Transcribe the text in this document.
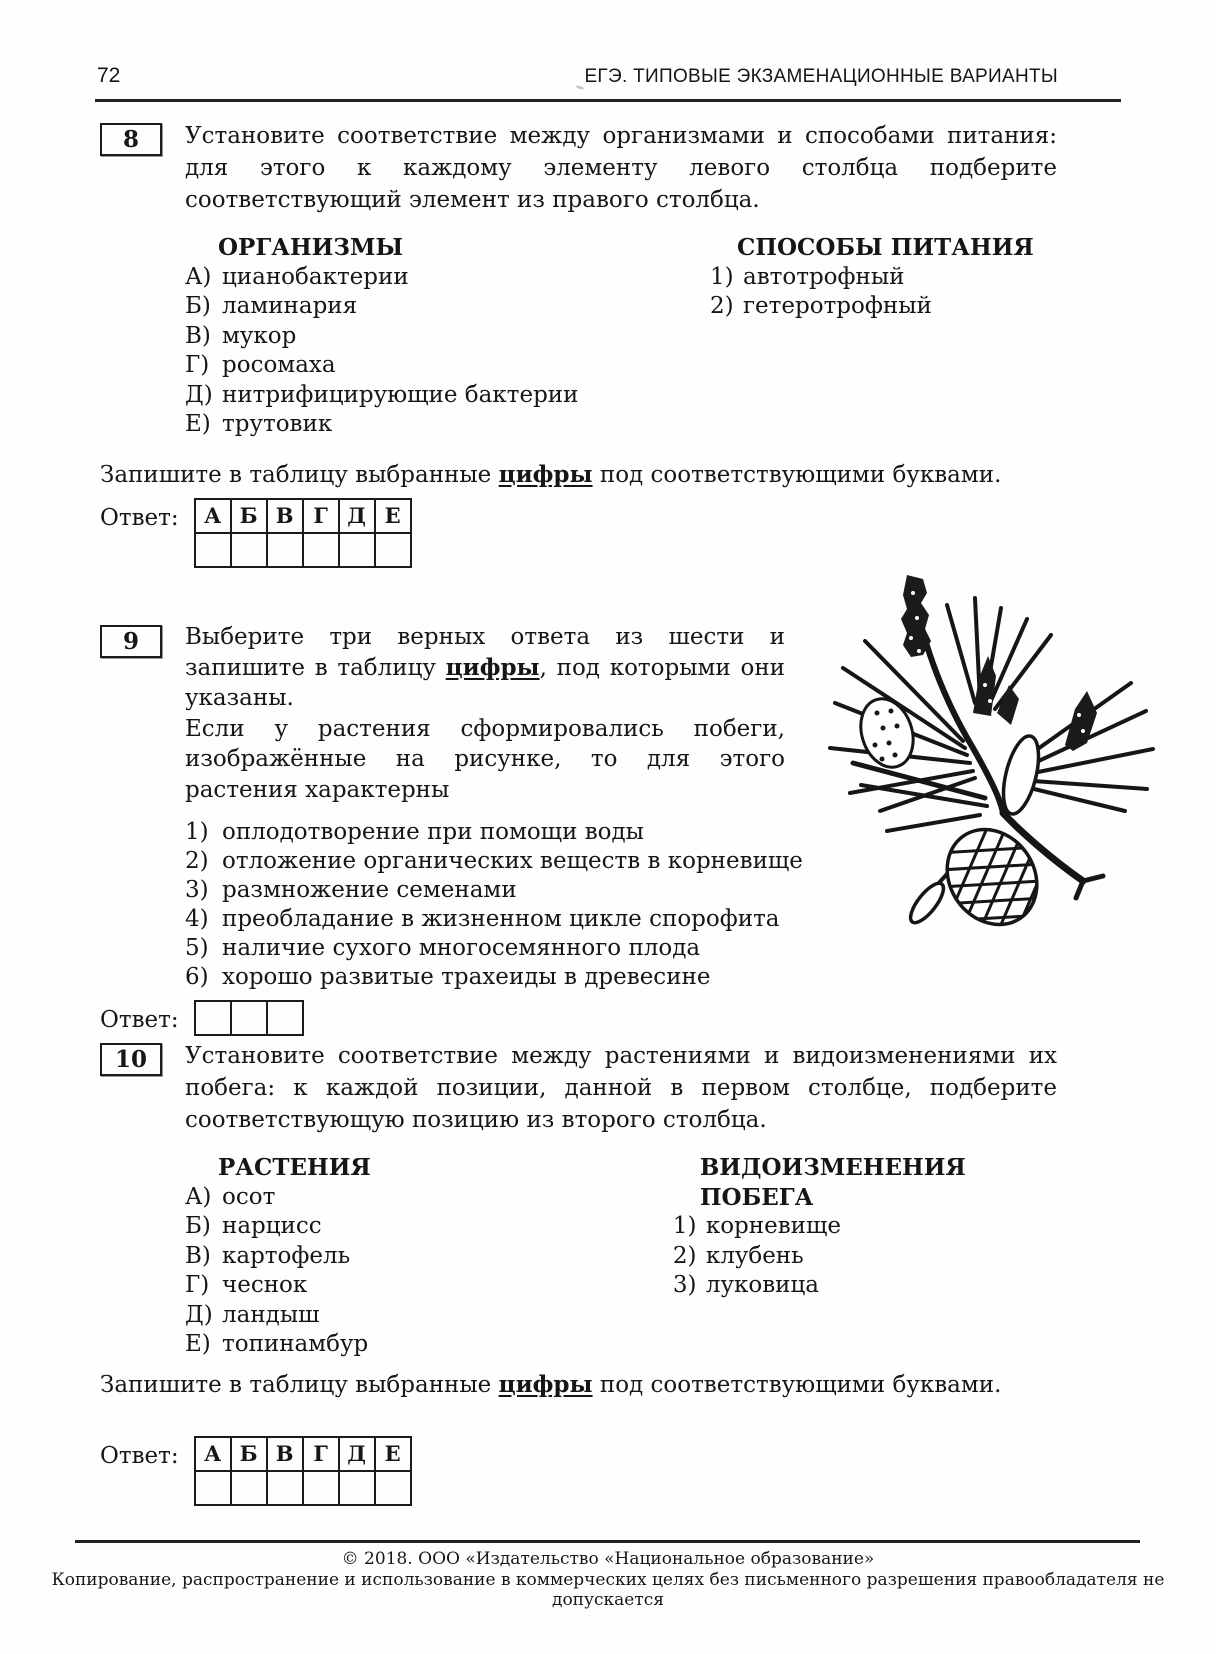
72	ЕГЭ. ТИПОВЫЕ ЭКЗАМЕНАЦИОННЫЕ ВАРИАНТЫ
8	Установите соответствие между организмами и способами питания: для этого к каждому элементу левого столбца подберите соответствующий элемент из правого столбца.

ОРГАНИЗМЫ
А) цианобактерии
Б) ламинария
В) мукор
Г) росомаха
Д) нитрифицирующие бактерии
Е) трутовик
СПОСОБЫ ПИТАНИЯ
1) автотрофный
2) гетеротрофный

Запишите в таблицу выбранные цифры под соответствующими буквами.

Ответ: А	Б	В	Г	Д	Е

9	Выберите три верных ответа из шести и запишите в таблицу цифры, под которыми они указаны.

Если у растения сформировались побеги, изображённые на рисунке, то для этого растения характерны

1) оплодотворение при помощи воды
2) отложение органических веществ в корневище
3) размножение семенами
4) преобладание в жизненном цикле спорофита
5) наличие сухого многосемянного плода
6) хорошо развитые трахеиды в древесине
Ответ:

10	Установите соответствие между растениями и видоизменениями их побега: к каждой позиции, данной в первом столбце, подберите соответствующую позицию из второго столбца.

РАСТЕНИЯ
А) осот
Б) нарцисс
В) картофель
Г) чеснок
Д) ландыш
Е) топинамбур
ВИДОИЗМЕНЕНИЯ ПОБЕГА
1) корневище
2) клубень
3) луковица

Запишите в таблицу выбранные цифры под соответствующими буквами.

Ответ: А	Б	В	Г	Д	Е

© 2018. ООО «Издательство «Национальное образование»
Копирование, распространение и использование в коммерческих целях без письменного разрешения правообладателя не допускается
